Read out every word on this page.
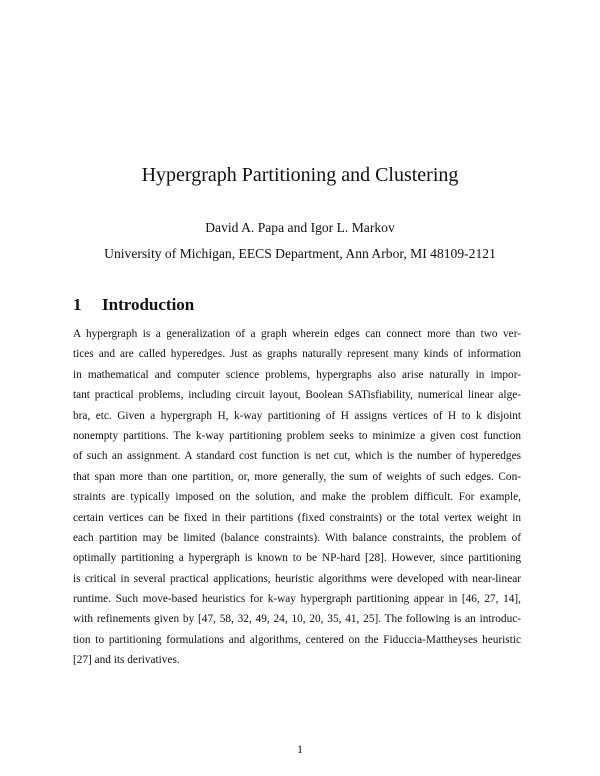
Hypergraph Partitioning and Clustering
David A. Papa and Igor L. Markov
University of Michigan, EECS Department, Ann Arbor, MI 48109-2121
1 Introduction
A hypergraph is a generalization of a graph wherein edges can connect more than two ver-
tices and are called hyperedges. Just as graphs naturally represent many kinds of information
in mathematical and computer science problems, hypergraphs also arise naturally in impor-
tant practical problems, including circuit layout, Boolean SATisfiability, numerical linear alge-
bra, etc. Given a hypergraph H, k-way partitioning of H assigns vertices of H to k disjoint
nonempty partitions. The k-way partitioning problem seeks to minimize a given cost function
of such an assignment. A standard cost function is net cut, which is the number of hyperedges
that span more than one partition, or, more generally, the sum of weights of such edges. Con-
straints are typically imposed on the solution, and make the problem difficult. For example,
certain vertices can be fixed in their partitions (fixed constraints) or the total vertex weight in
each partition may be limited (balance constraints). With balance constraints, the problem of
optimally partitioning a hypergraph is known to be NP-hard [28]. However, since partitioning
is critical in several practical applications, heuristic algorithms were developed with near-linear
runtime. Such move-based heuristics for k-way hypergraph partitioning appear in [46, 27, 14],
with refinements given by [47, 58, 32, 49, 24, 10, 20, 35, 41, 25]. The following is an introduc-
tion to partitioning formulations and algorithms, centered on the Fiduccia-Mattheyses heuristic
[27] and its derivatives.
1
